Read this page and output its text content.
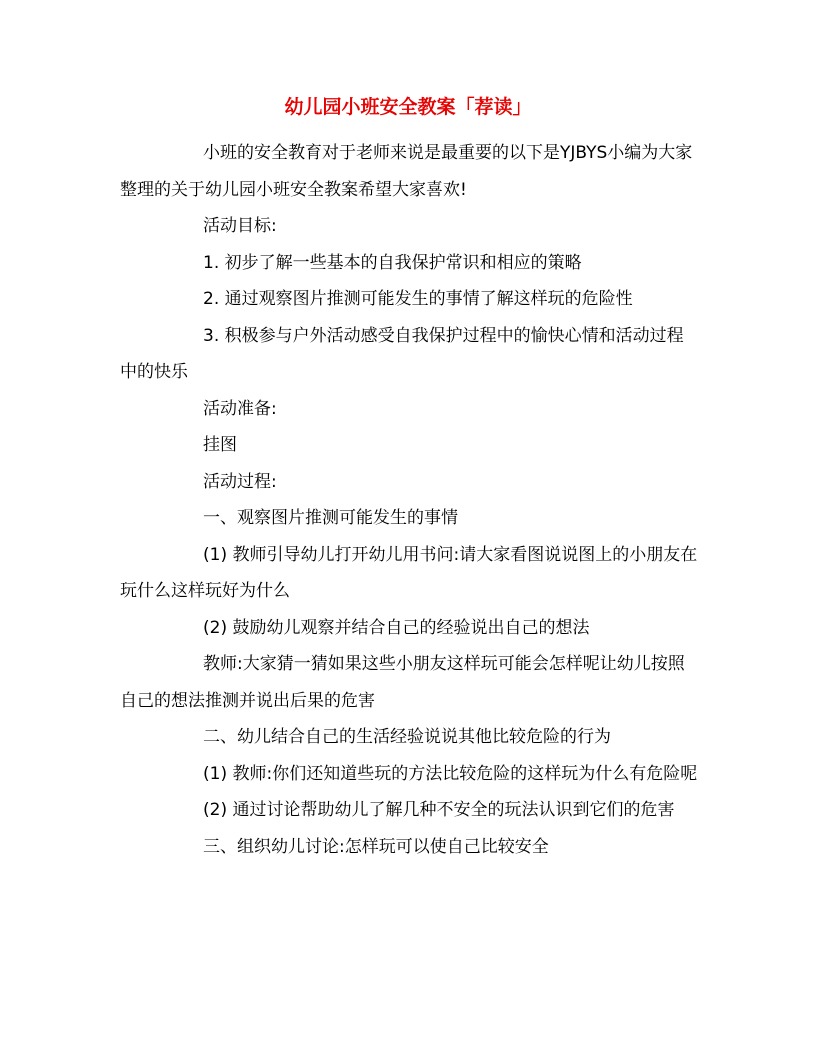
幼儿园小班安全教案「荐读」

小班的安全教育对于老师来说是最重要的以下是YJBYS小编为大家整理的关于幼儿园小班安全教案希望大家喜欢!

活动目标:

1. 初步了解一些基本的自我保护常识和相应的策略

2. 通过观察图片推测可能发生的事情了解这样玩的危险性

3. 积极参与户外活动感受自我保护过程中的愉快心情和活动过程中的快乐

活动准备:

挂图

活动过程:

一、观察图片推测可能发生的事情

(1) 教师引导幼儿打开幼儿用书问:请大家看图说说图上的小朋友在玩什么这样玩好为什么

(2) 鼓励幼儿观察并结合自己的经验说出自己的想法

教师:大家猜一猜如果这些小朋友这样玩可能会怎样呢让幼儿按照自己的想法推测并说出后果的危害

二、幼儿结合自己的生活经验说说其他比较危险的行为

(1) 教师:你们还知道些玩的方法比较危险的这样玩为什么有危险呢

(2) 通过讨论帮助幼儿了解几种不安全的玩法认识到它们的危害

三、组织幼儿讨论:怎样玩可以使自己比较安全
